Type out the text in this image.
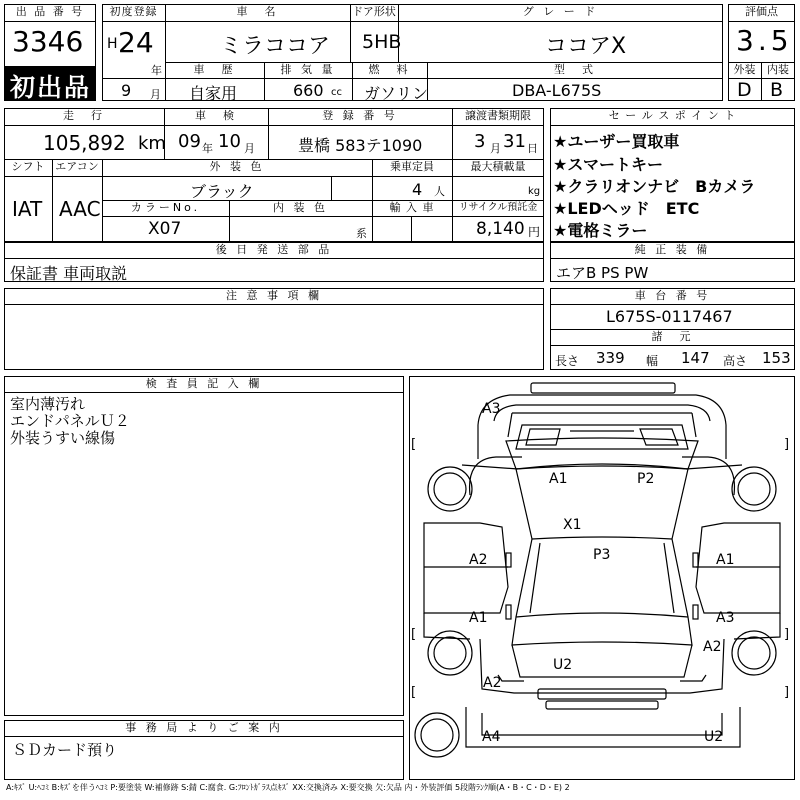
出 品 番 号
3346
初出品
初度登録
H 24
年
9 月
車　名
ミラココア
ドア形状
5HB
グ レ ー ド
ココアX
車　歴
自家用
排 気 量
660 cc
燃　料
ガソリン
型　式
DBA-L675S
評価点
3.5
外装	内装
D B
走　行
105,892 km
車　検
09 年 10 月
登 録 番 号
豊橋 583テ1090
譲渡書類期限
3 月 31 日
シフト
IAT
エアコン
AAC
外 装 色
ブラック
乗車定員
4 人
最大積載量
kg
カラーNo.
X07
内 装 色
系
輸 入 車	リサイクル預託金
8,140 円
後 日 発 送 部 品
保証書 車両取説
セ ー ル ス ポ イ ン ト
★ユーザー買取車
★スマートキー
★クラリオンナビ　Bカメラ
★LEDヘッド　ETC
★電格ミラー
純 正 装 備
エアB PS PW
注 意 事 項 欄	車 台 番 号
L675S-0117467
諸　元
長さ 339 幅 147 高さ 153
検 査 員 記 入 欄
室内薄汚れ
エンドパネルＵ２
外装うすい線傷
事 務 局 よ り ご 案 内
ＳＤカード預り
A3
A1	P2
X1
P3
A2	A1
A1	A3
A2
U2
A2
A4	U2
[	]
[	]
[	]
A:ｷｽﾞ U:ﾍｺﾐ B:ｷｽﾞを伴うﾍｺﾐ P:要塗装 W:補修跡 S:錆 C:腐食. G:ﾌﾛﾝﾄｶﾞﾗｽ点ｷｽﾞ XX:交換済み X:要交換 欠:欠品 内・外装評価 5段階ﾗﾝｸ順(A・B・C・D・E) 2
